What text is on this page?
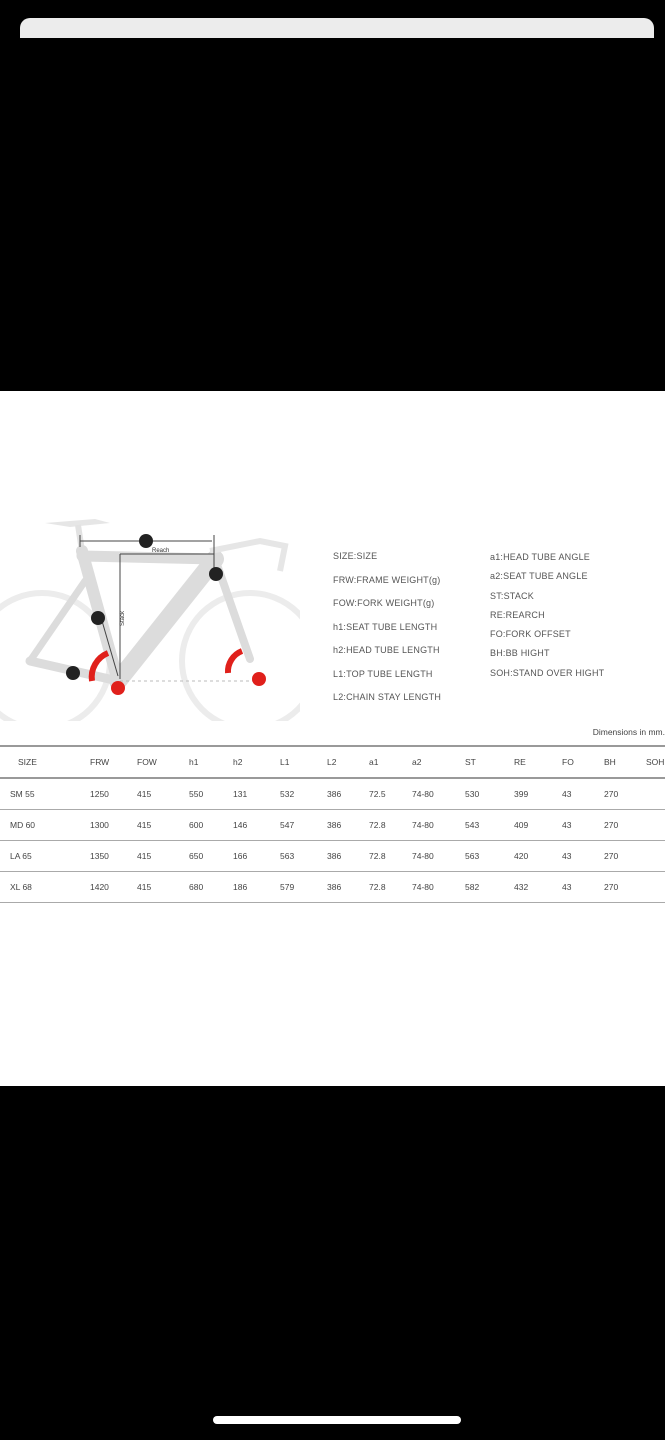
Reach
Stack
SIZE:SIZE
FRW:FRAME WEIGHT(g)
FOW:FORK WEIGHT(g)
h1:SEAT TUBE LENGTH
h2:HEAD TUBE LENGTH
L1:TOP TUBE LENGTH
L2:CHAIN STAY LENGTH
a1:HEAD TUBE ANGLE
a2:SEAT TUBE ANGLE
ST:STACK
RE:REARCH
FO:FORK OFFSET
BH:BB HIGHT
SOH:STAND OVER HIGHT
Dimensions in mm.
SIZE	FRW	FOW	h1	h2	L1	L2	a1	a2	ST	RE	FO	BH	SOH
SM 55	1250	415	550	131	532	386	72.5	74-80	530	399	43	270	
MD 60	1300	415	600	146	547	386	72.8	74-80	543	409	43	270	
LA 65	1350	415	650	166	563	386	72.8	74-80	563	420	43	270	
XL 68	1420	415	680	186	579	386	72.8	74-80	582	432	43	270	
